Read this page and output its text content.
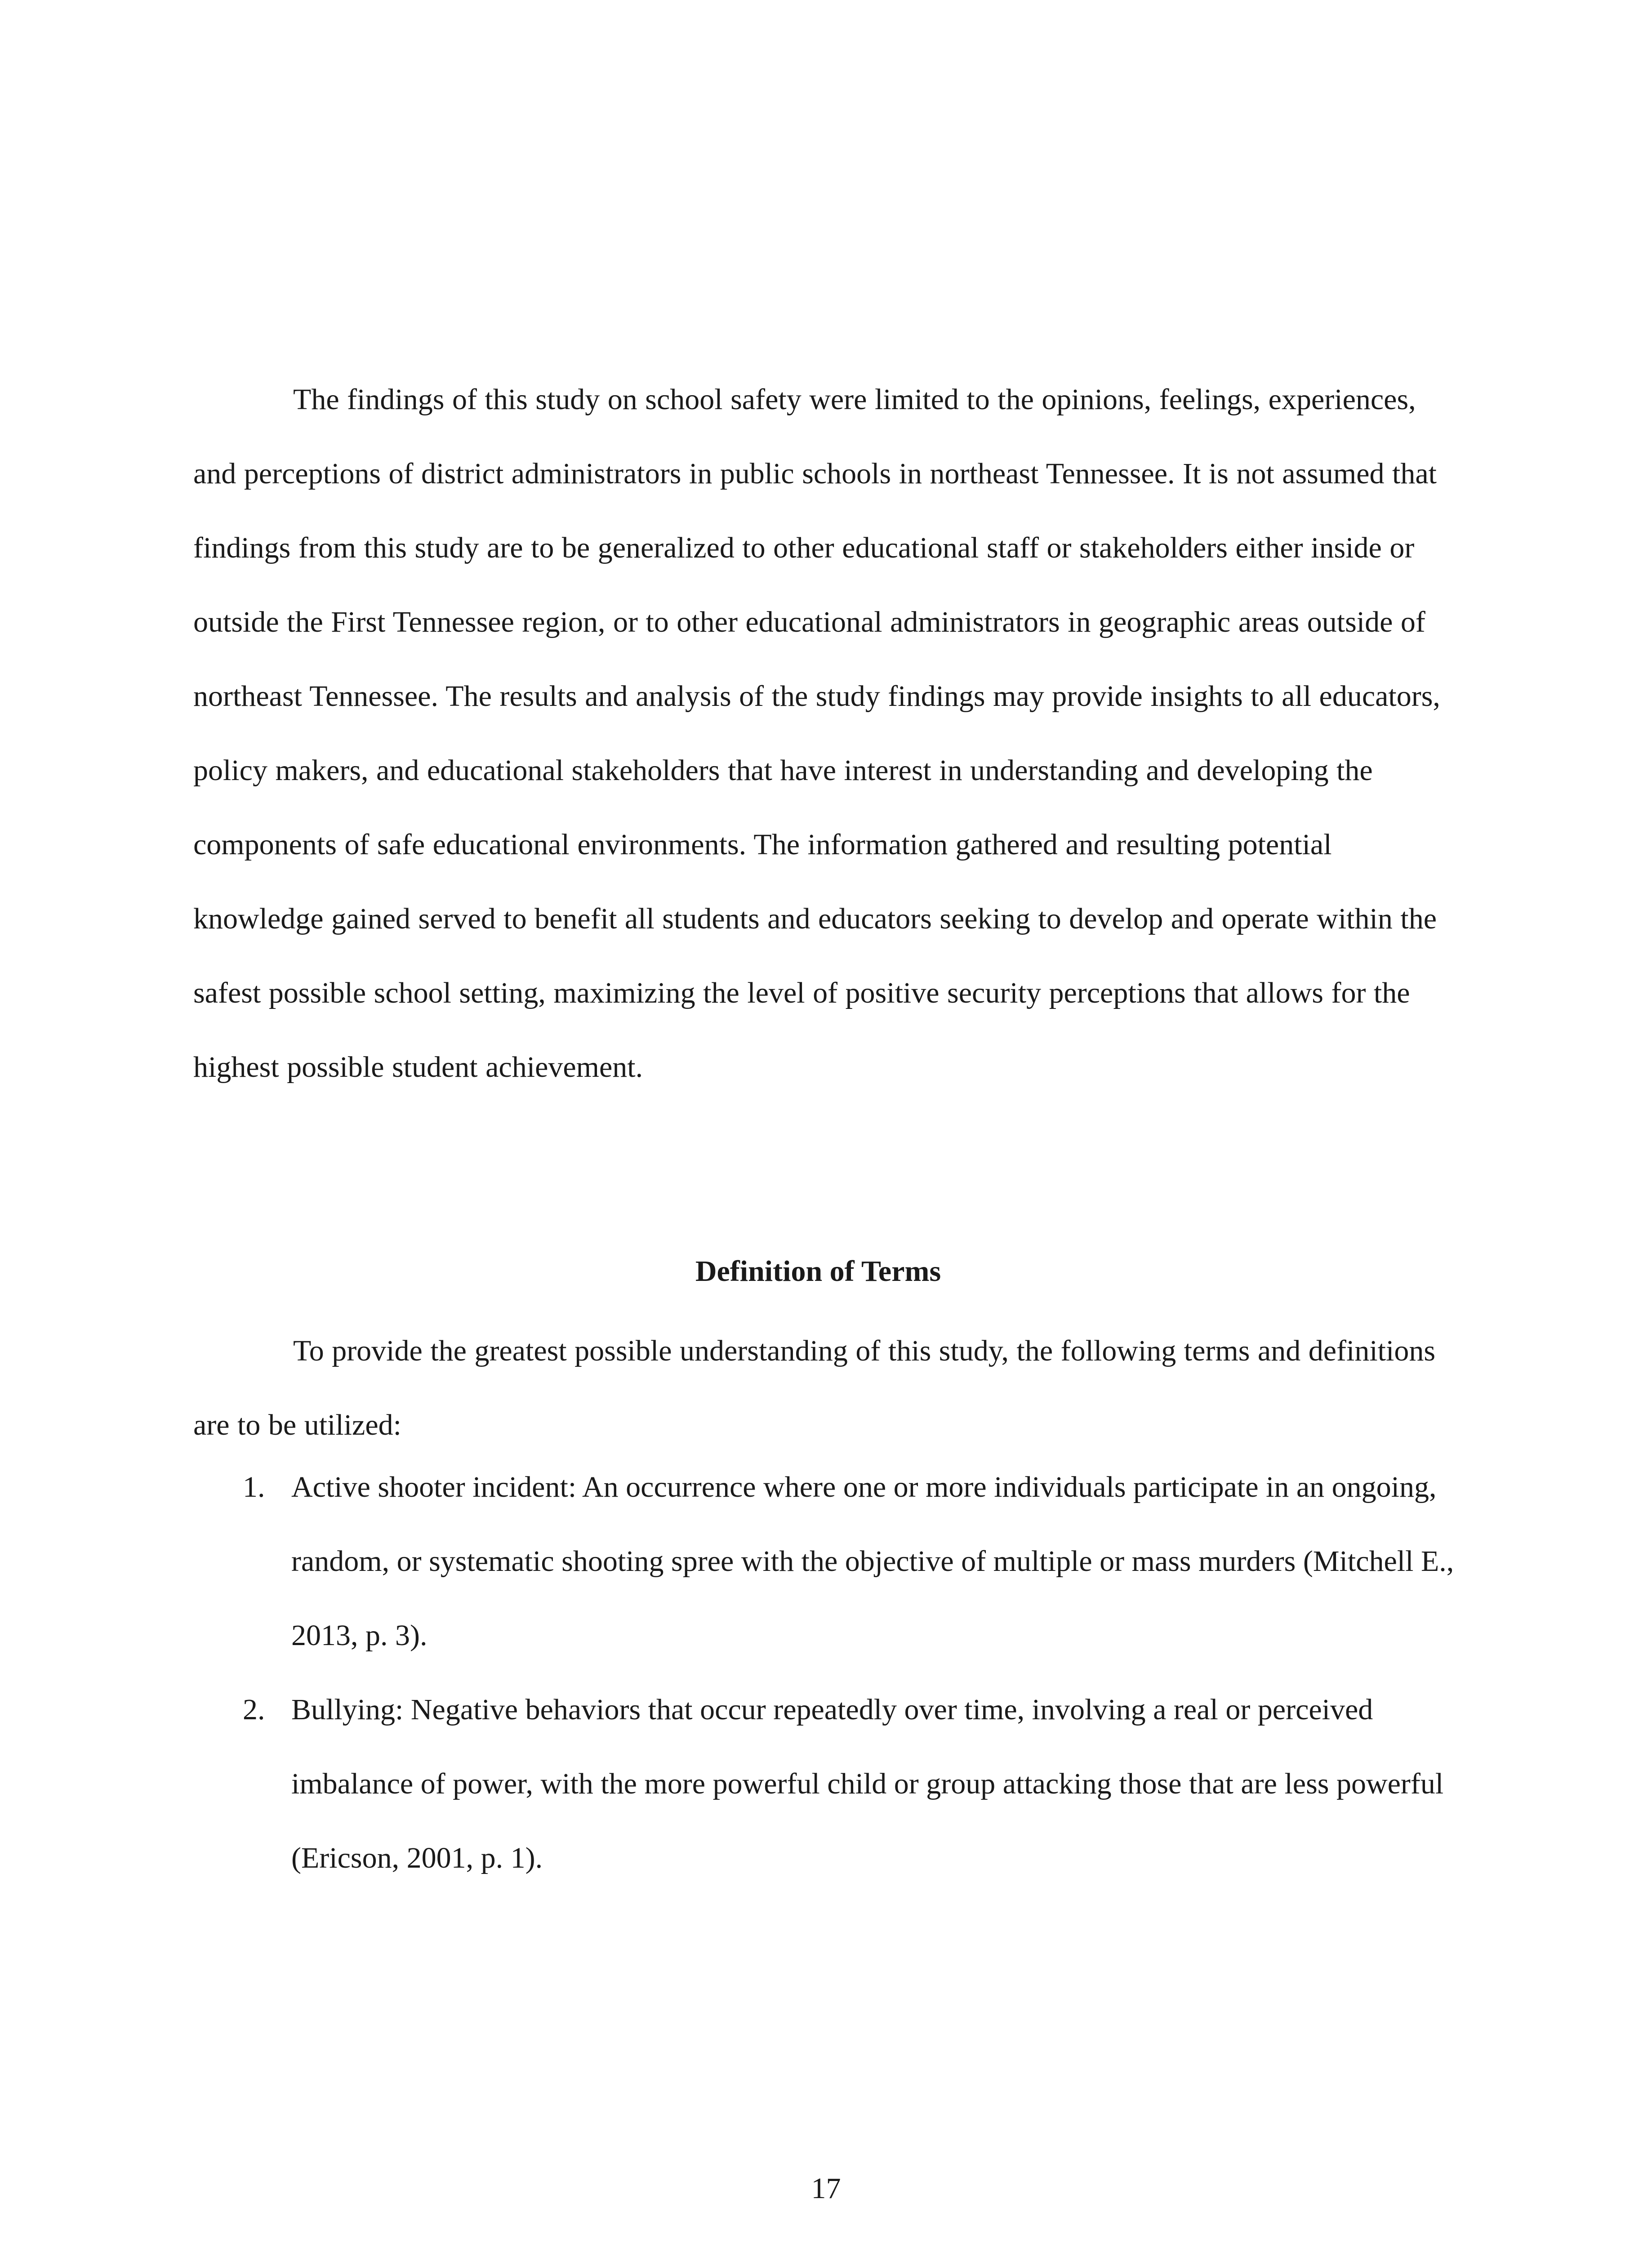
The findings of this study on school safety were limited to the opinions, feelings, experiences, and perceptions of district administrators in public schools in northeast Tennessee. It is not assumed that findings from this study are to be generalized to other educational staff or stakeholders either inside or outside the First Tennessee region, or to other educational administrators in geographic areas outside of northeast Tennessee. The results and analysis of the study findings may provide insights to all educators, policy makers, and educational stakeholders that have interest in understanding and developing the components of safe educational environments. The information gathered and resulting potential knowledge gained served to benefit all students and educators seeking to develop and operate within the safest possible school setting, maximizing the level of positive security perceptions that allows for the highest possible student achievement.

Definition of Terms

To provide the greatest possible understanding of this study, the following terms and definitions are to be utilized:

1. Active shooter incident: An occurrence where one or more individuals participate in an ongoing, random, or systematic shooting spree with the objective of multiple or mass murders (Mitchell E., 2013, p. 3).
2. Bullying: Negative behaviors that occur repeatedly over time, involving a real or perceived imbalance of power, with the more powerful child or group attacking those that are less powerful (Ericson, 2001, p. 1).
17
